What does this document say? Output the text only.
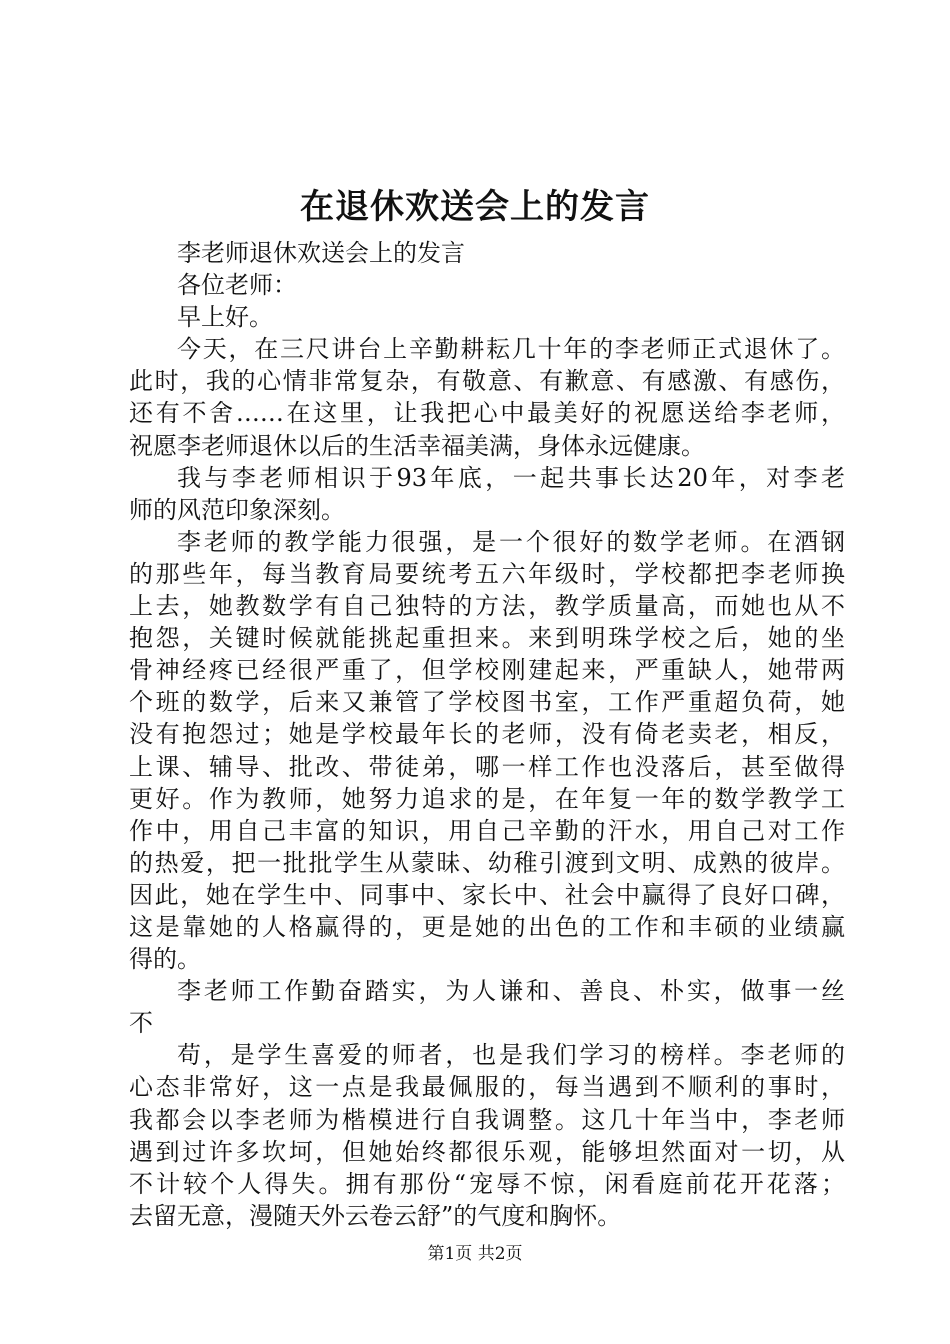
在退休欢送会上的发言
李老师退休欢送会上的发言
各位老师：
早上好。
今天，在三尺讲台上辛勤耕耘几十年的李老师正式退休了。
此时，我的心情非常复杂，有敬意、有歉意、有感激、有感伤，
还有不舍……在这里，让我把心中最美好的祝愿送给李老师，
祝愿李老师退休以后的生活幸福美满，身体永远健康。
我与李老师相识于93年底，一起共事长达20年，对李老
师的风范印象深刻。
李老师的教学能力很强，是一个很好的数学老师。在酒钢
的那些年，每当教育局要统考五六年级时，学校都把李老师换
上去，她教数学有自己独特的方法，教学质量高，而她也从不
抱怨，关键时候就能挑起重担来。来到明珠学校之后，她的坐
骨神经疼已经很严重了，但学校刚建起来，严重缺人，她带两
个班的数学，后来又兼管了学校图书室，工作严重超负荷，她
没有抱怨过；她是学校最年长的老师，没有倚老卖老，相反，
上课、辅导、批改、带徒弟，哪一样工作也没落后，甚至做得
更好。作为教师，她努力追求的是，在年复一年的数学教学工
作中，用自己丰富的知识，用自己辛勤的汗水，用自己对工作
的热爱，把一批批学生从蒙昧、幼稚引渡到文明、成熟的彼岸。
因此，她在学生中、同事中、家长中、社会中赢得了良好口碑，
这是靠她的人格赢得的，更是她的出色的工作和丰硕的业绩赢
得的。
李老师工作勤奋踏实，为人谦和、善良、朴实，做事一丝
不
苟，是学生喜爱的师者，也是我们学习的榜样。李老师的
心态非常好，这一点是我最佩服的，每当遇到不顺利的事时，
我都会以李老师为楷模进行自我调整。这几十年当中，李老师
遇到过许多坎坷，但她始终都很乐观，能够坦然面对一切，从
不计较个人得失。拥有那份“宠辱不惊，闲看庭前花开花落；
去留无意，漫随天外云卷云舒”的气度和胸怀。
第1页 共2页
